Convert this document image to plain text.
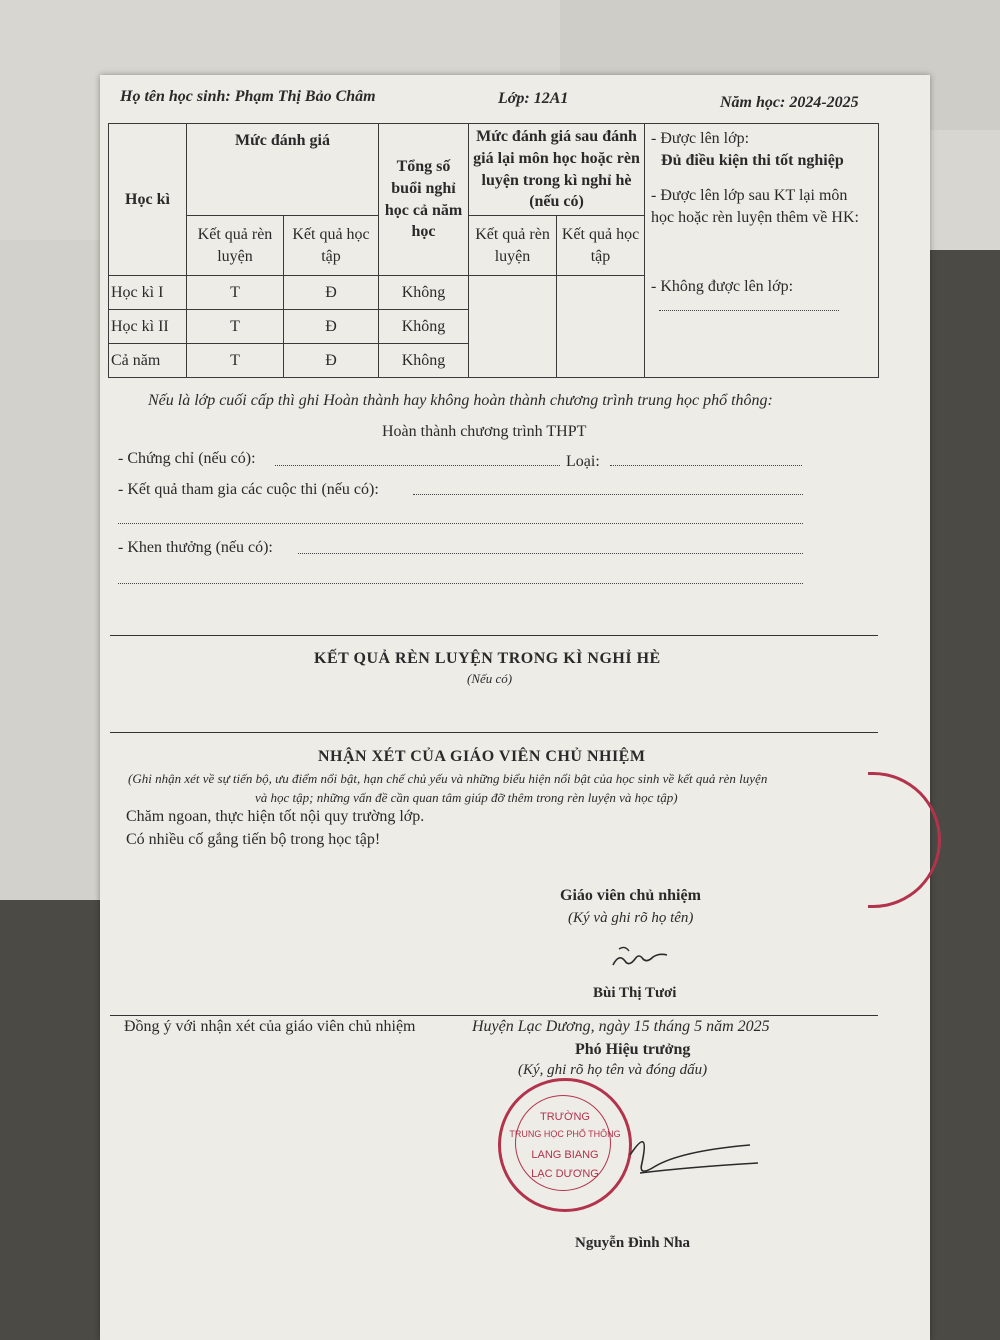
Họ tên học sinh: Phạm Thị Bảo Châm	Lớp: 12A1	Năm học: 2024-2025
Học kì	Mức đánh giá		Tổng số buổi nghỉ học cả năm học	Mức đánh giá sau đánh giá lại môn học hoặc rèn luyện trong kì nghỉ hè (nếu có)		- Được lên lớp:
Đủ điều kiện thi tốt nghiệp
- Được lên lớp sau KT lại môn học hoặc rèn luyện thêm về HK:
- Không được lên lớp:

	Kết quả rèn luyện	Kết quả học tập		Kết quả rèn luyện	Kết quả học tập	
Học kì I	T	Đ	Không			
Học kì II	T	Đ	Không			
Cả năm	T	Đ	Không			
Nếu là lớp cuối cấp thì ghi Hoàn thành hay không hoàn thành chương trình trung học phổ thông:
Hoàn thành chương trình THPT
- Chứng chỉ (nếu có):	Loại:
- Kết quả tham gia các cuộc thi (nếu có):
- Khen thưởng (nếu có):
KẾT QUẢ RÈN LUYỆN TRONG KÌ NGHỈ HÈ
(Nếu có)
NHẬN XÉT CỦA GIÁO VIÊN CHỦ NHIỆM
(Ghi nhận xét về sự tiến bộ, ưu điểm nổi bật, hạn chế chủ yếu và những biểu hiện nổi bật của học sinh về kết quả rèn luyện
và học tập; những vấn đề cần quan tâm giúp đỡ thêm trong rèn luyện và học tập)
Chăm ngoan, thực hiện tốt nội quy trường lớp.
Có nhiều cố gắng tiến bộ trong học tập!
Giáo viên chủ nhiệm
(Ký và ghi rõ họ tên)
Bùi Thị Tươi
Đồng ý với nhận xét của giáo viên chủ nhiệm	Huyện Lạc Dương, ngày 15 tháng 5 năm 2025
Phó Hiệu trưởng
(Ký, ghi rõ họ tên và đóng dấu)
TRƯỜNG
TRUNG HỌC PHỔ THÔNG
LANG BIANG
LẠC DƯƠNG
Nguyễn Đình Nha
